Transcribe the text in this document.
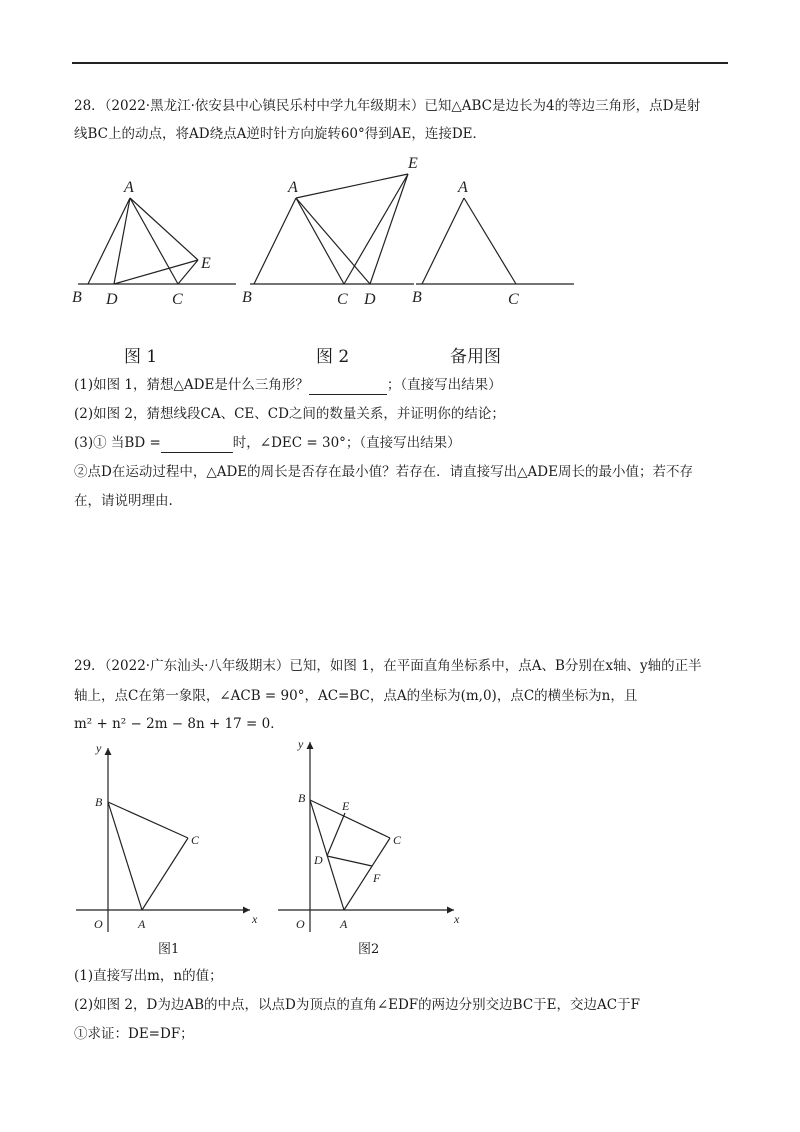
28．（2022·黑龙江·依安县中心镇民乐村中学九年级期末）已知△ABC是边长为4的等边三角形，点D是射
线BC上的动点，将AD绕点A逆时针方向旋转60°得到AE，连接DE．
A
B D	C
E
A
B	C D
E
A
B	C
图 1	图 2	备用图
(1)如图 1，猜想△ADE是什么三角形？	；（直接写出结果）
(2)如图 2，猜想线段CA、CE、CD之间的数量关系，并证明你的结论；
(3)① 当BD =	时，∠DEC = 30°；（直接写出结果）
②点D在运动过程中，△ADE的周长是否存在最小值？若存在．请直接写出△ADE周长的最小值；若不存
在，请说明理由.
29．（2022·广东汕头·八年级期末）已知，如图 1，在平面直角坐标系中，点A、B分别在x轴、y轴的正半
轴上，点C在第一象限，∠ACB = 90°，AC=BC，点A的坐标为(m,0)，点C的横坐标为n，且
m² + n² − 2m − 8n + 17 = 0．
y
x
O
B
A
C
y
x
O
B
E
C
D
F
A
图1	图2
(1)直接写出m，n的值；
(2)如图 2，D为边AB的中点，以点D为顶点的直角∠EDF的两边分别交边BC于E，交边AC于F
①求证：DE=DF；
